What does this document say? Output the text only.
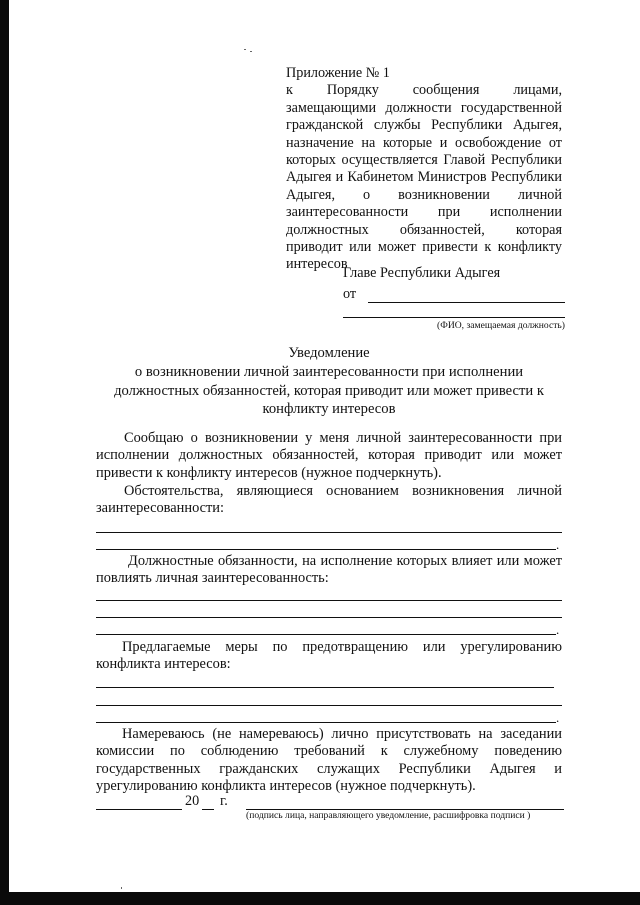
Приложение № 1

к Порядку сообщения лицами, замещающими должности государственной гражданской службы Республики Адыгея, назначение на которые и освобождение от которых осуществляется Главой Республики Адыгея и Кабинетом Министров Республики Адыгея, о возникновении личной заинтересованности при исполнении должностных обязанностей, которая приводит или может привести к конфликту интересов

Главе Республики Адыгея
от
(ФИО, замещаемая должность)
Уведомление
о возникновении личной заинтересованности при исполнении должностных обязанностей, которая приводит или может привести к конфликту интересов

Сообщаю о возникновении у меня личной заинтересованности при исполнении должностных обязанностей, которая приводит или может привести к конфликту интересов (нужное подчеркнуть).

Обстоятельства, являющиеся основанием возникновения личной заинтересованности:

.

Должностные обязанности, на исполнение которых влияет или может повлиять личная заинтересованность:

.

Предлагаемые меры по предотвращению или урегулированию конфликта интересов:

.

Намереваюсь (не намереваюсь) лично присутствовать на заседании комиссии по соблюдению требований к служебному поведению государственных гражданских служащих Республики Адыгея и урегулированию конфликта интересов (нужное подчеркнуть).

20 г.
(подпись лица, направляющего уведомление, расшифровка подписи )
